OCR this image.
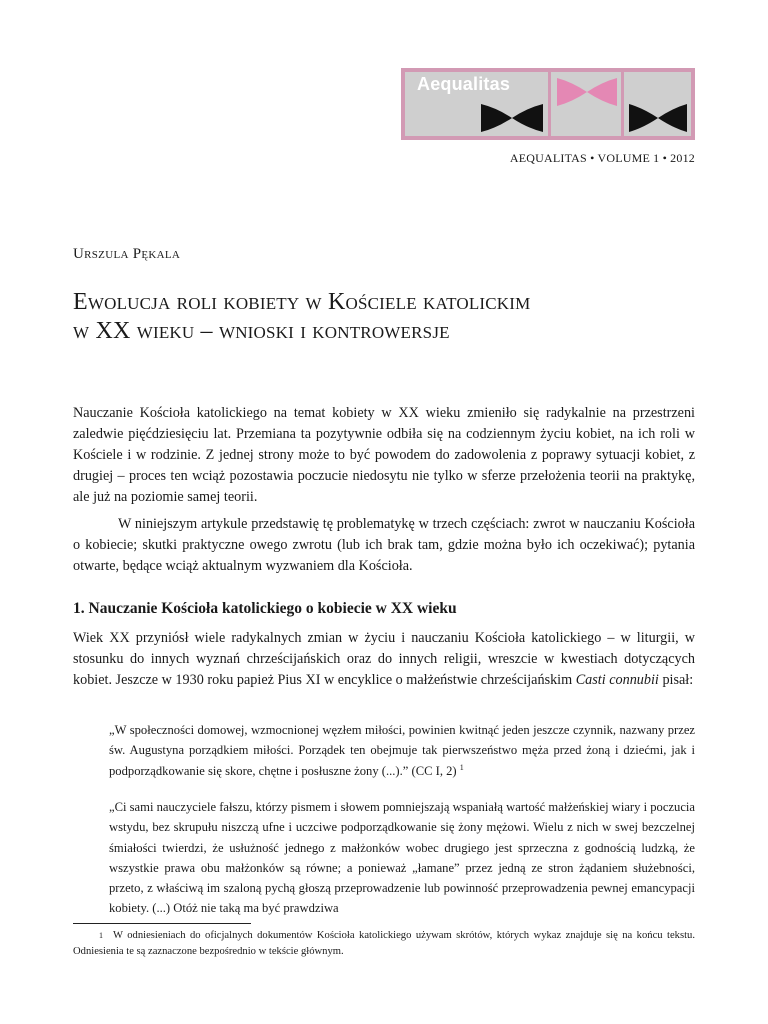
Aequalitas
AEQUALITAS • VOLUME 1 • 2012
Urszula Pękala
Ewolucja roli kobiety w Kościele katolickim
w XX wieku – wnioski i kontrowersje

Nauczanie Kościoła katolickiego na temat kobiety w XX wieku zmieniło się radykalnie na przestrzeni zaledwie pięćdziesięciu lat. Przemiana ta pozytywnie odbiła się na codziennym życiu kobiet, na ich roli w Kościele i w rodzinie. Z jednej strony może to być powodem do zadowolenia z poprawy sytuacji kobiet, z drugiej – proces ten wciąż pozostawia poczucie niedosytu nie tylko w sferze przełożenia teorii na praktykę, ale już na poziomie samej teorii.

W niniejszym artykule przedstawię tę problematykę w trzech częściach: zwrot w nauczaniu Kościoła o kobiecie; skutki praktyczne owego zwrotu (lub ich brak tam, gdzie można było ich oczekiwać); pytania otwarte, będące wciąż aktualnym wyzwaniem dla Kościoła.

1. Nauczanie Kościoła katolickiego o kobiecie w XX wieku

Wiek XX przyniósł wiele radykalnych zmian w życiu i nauczaniu Kościoła katolickiego – w liturgii, w stosunku do innych wyznań chrześcijańskich oraz do innych religii, wreszcie w kwestiach dotyczących kobiet. Jeszcze w 1930 roku papież Pius XI w encyklice o małżeństwie chrześcijańskim Casti connubii pisał:

„W społeczności domowej, wzmocnionej węzłem miłości, powinien kwitnąć jeden jeszcze czynnik, nazwany przez św. Augustyna porządkiem miłości. Porządek ten obejmuje tak pierwszeństwo męża przed żoną i dziećmi, jak i podporządkowanie się skore, chętne i posłuszne żony (...).” (CC I, 2) $^1$

„Ci sami nauczyciele fałszu, którzy pismem i słowem pomniejszają wspaniałą wartość małżeńskiej wiary i poczucia wstydu, bez skrupułu niszczą ufne i uczciwe podporządkowanie się żony mężowi. Wielu z nich w swej bezczelnej śmiałości twierdzi, że usłużność jednego z małżonków wobec drugiego jest sprzeczna z godnością ludzką, że wszystkie prawa obu małżonków są równe; a ponieważ „łamane” przez jedną ze stron żądaniem służebności, przeto, z właściwą im szaloną pychą głoszą przeprowadzenie lub powinność przeprowadzenia pewnej emancypacji kobiety. (...) Otóż nie taką ma być prawdziwa

1 W odniesieniach do oficjalnych dokumentów Kościoła katolickiego używam skrótów, których wykaz znajduje się na końcu tekstu. Odniesienia te są zaznaczone bezpośrednio w tekście głównym.
